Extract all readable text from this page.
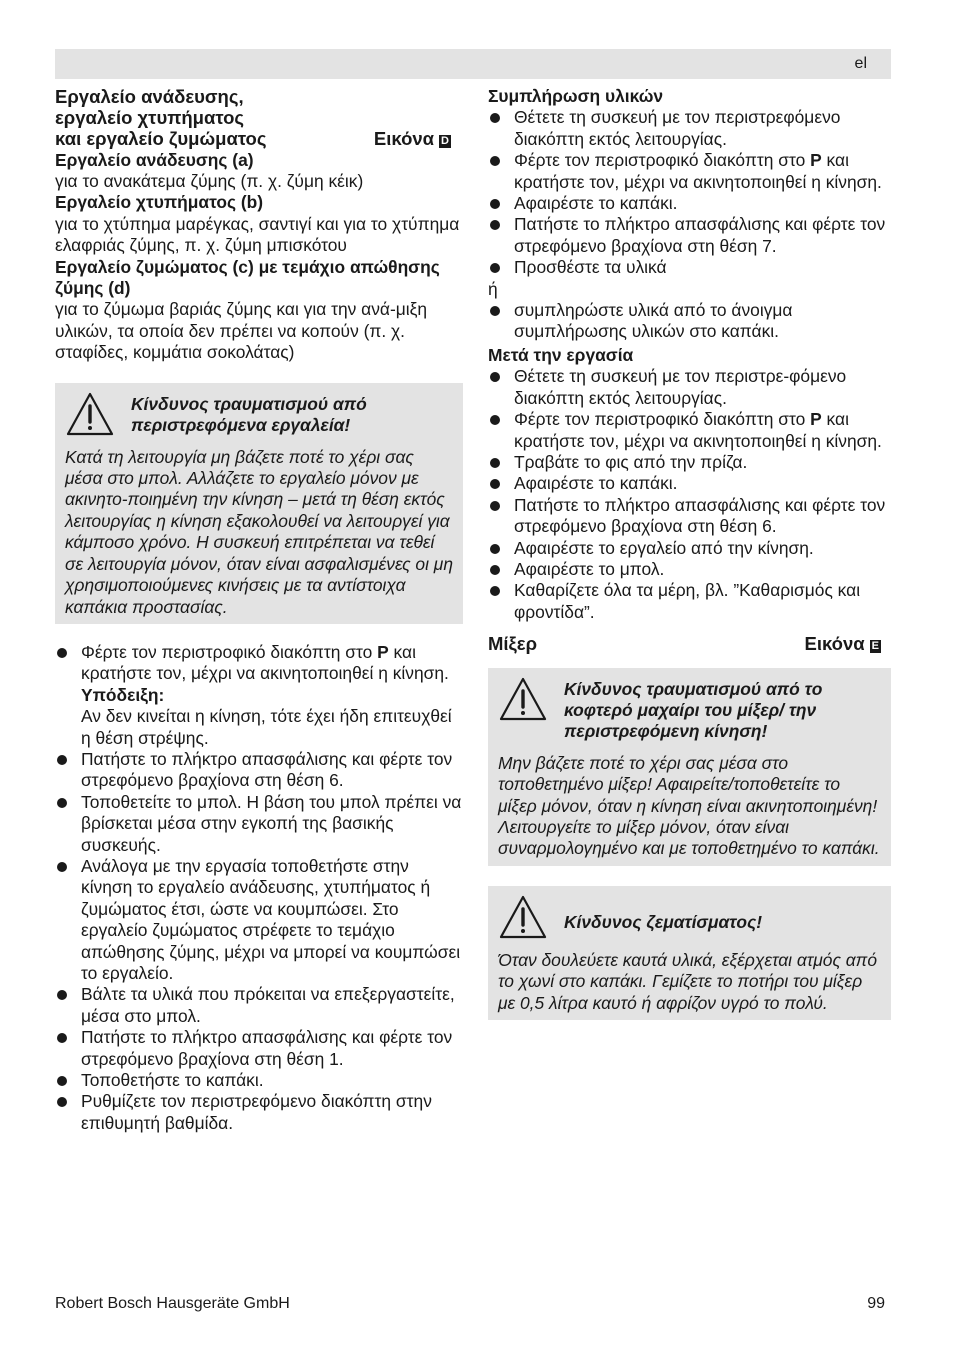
el
Εργαλείο ανάδευσης,
εργαλείο χτυπήματος
και εργαλείο ζυμώματος	Εικόνα D

Εργαλείο ανάδευσης (a)

για το ανακάτεμα ζύμης (π. χ. ζύμη κέικ)

Εργαλείο χτυπήματος (b)

για το χτύπημα μαρέγκας, σαντιγί και για το χτύπημα ελαφριάς ζύμης, π. χ. ζύμη μπισκότου

Εργαλείο ζυμώματος (c) με τεμάχιο απώθησης ζύμης (d)

για το ζύμωμα βαριάς ζύμης και για την ανά-μιξη υλικών, τα οποία δεν πρέπει να κοπούν (π. χ. σταφίδες, κομμάτια σοκολάτας)

Κίνδυνος τραυματισμού από περιστρεφόμενα εργαλεία!
Κατά τη λειτουργία μη βάζετε ποτέ το χέρι σας μέσα στο μπολ. Αλλάζετε το εργαλείο μόνον με ακινητο-ποιημένη την κίνηση – μετά τη θέση εκτός λειτουργίας η κίνηση εξακολουθεί να λειτουργεί για κάμποσο χρόνο. Η συσκευή επιτρέπεται να τεθεί σε λειτουργία μόνον, όταν είναι ασφαλισμένες οι μη χρησιμοποιούμενες κινήσεις με τα αντίστοιχα καπάκια προστασίας.
Φέρτε τον περιστροφικό διακόπτη στο P και κρατήστε τον, μέχρι να ακινητοποιηθεί η κίνηση.
Υπόδειξη:
Αν δεν κινείται η κίνηση, τότε έχει ήδη επιτευχθεί η θέση στρέψης.
Πατήστε το πλήκτρο απασφάλισης και φέρτε τον στρεφόμενο βραχίονα στη θέση 6.
Τοποθετείτε το μπολ. Η βάση του μπολ πρέπει να βρίσκεται μέσα στην εγκοπή της βασικής συσκευής.
Ανάλογα με την εργασία τοποθετήστε στην κίνηση το εργαλείο ανάδευσης, χτυπήματος ή ζυμώματος έτσι, ώστε να κουμπώσει. Στο εργαλείο ζυμώματος στρέφετε το τεμάχιο απώθησης ζύμης, μέχρι να μπορεί να κουμπώσει το εργαλείο.
Βάλτε τα υλικά που πρόκειται να επεξεργαστείτε, μέσα στο μπολ.
Πατήστε το πλήκτρο απασφάλισης και φέρτε τον στρεφόμενο βραχίονα στη θέση 1.
Τοποθετήστε το καπάκι.
Ρυθμίζετε τον περιστρεφόμενο διακόπτη στην επιθυμητή βαθμίδα.

Συμπλήρωση υλικών

Θέτετε τη συσκευή με τον περιστρεφόμενο διακόπτη εκτός λειτουργίας.
Φέρτε τον περιστροφικό διακόπτη στο P και κρατήστε τον, μέχρι να ακινητοποιηθεί η κίνηση.
Αφαιρέστε το καπάκι.
Πατήστε το πλήκτρο απασφάλισης και φέρτε τον στρεφόμενο βραχίονα στη θέση 7.
Προσθέστε τα υλικά

ή

συμπληρώστε υλικά από το άνοιγμα συμπλήρωσης υλικών στο καπάκι.

Μετά την εργασία

Θέτετε τη συσκευή με τον περιστρε-φόμενο διακόπτη εκτός λειτουργίας.
Φέρτε τον περιστροφικό διακόπτη στο P και κρατήστε τον, μέχρι να ακινητοποιηθεί η κίνηση.
Τραβάτε το φις από την πρίζα.
Αφαιρέστε το καπάκι.
Πατήστε το πλήκτρο απασφάλισης και φέρτε τον στρεφόμενο βραχίονα στη θέση 6.
Αφαιρέστε το εργαλείο από την κίνηση.
Αφαιρέστε το μπολ.
Καθαρίζετε όλα τα μέρη, βλ. ”Καθαρισμός και φροντίδα”.
Μίξερ	Εικόνα E
Κίνδυνος τραυματισμού από το κοφτερό μαχαίρι του μίξερ/ την περιστρεφόμενη κίνηση!
Μην βάζετε ποτέ το χέρι σας μέσα στο τοποθετημένο μίξερ! Αφαιρείτε/τοποθετείτε το μίξερ μόνον, όταν η κίνηση είναι ακινητοποιημένη! Λειτουργείτε το μίξερ μόνον, όταν είναι συναρμολογημένο και με τοποθετημένο το καπάκι.
Κίνδυνος ζεματίσματος!
Όταν δουλεύετε καυτά υλικά, εξέρχεται ατμός από το χωνί στο καπάκι. Γεμίζετε το ποτήρι του μίξερ με 0,5 λίτρα καυτό ή αφρίζον υγρό το πολύ.
Robert Bosch Hausgeräte GmbH	99
